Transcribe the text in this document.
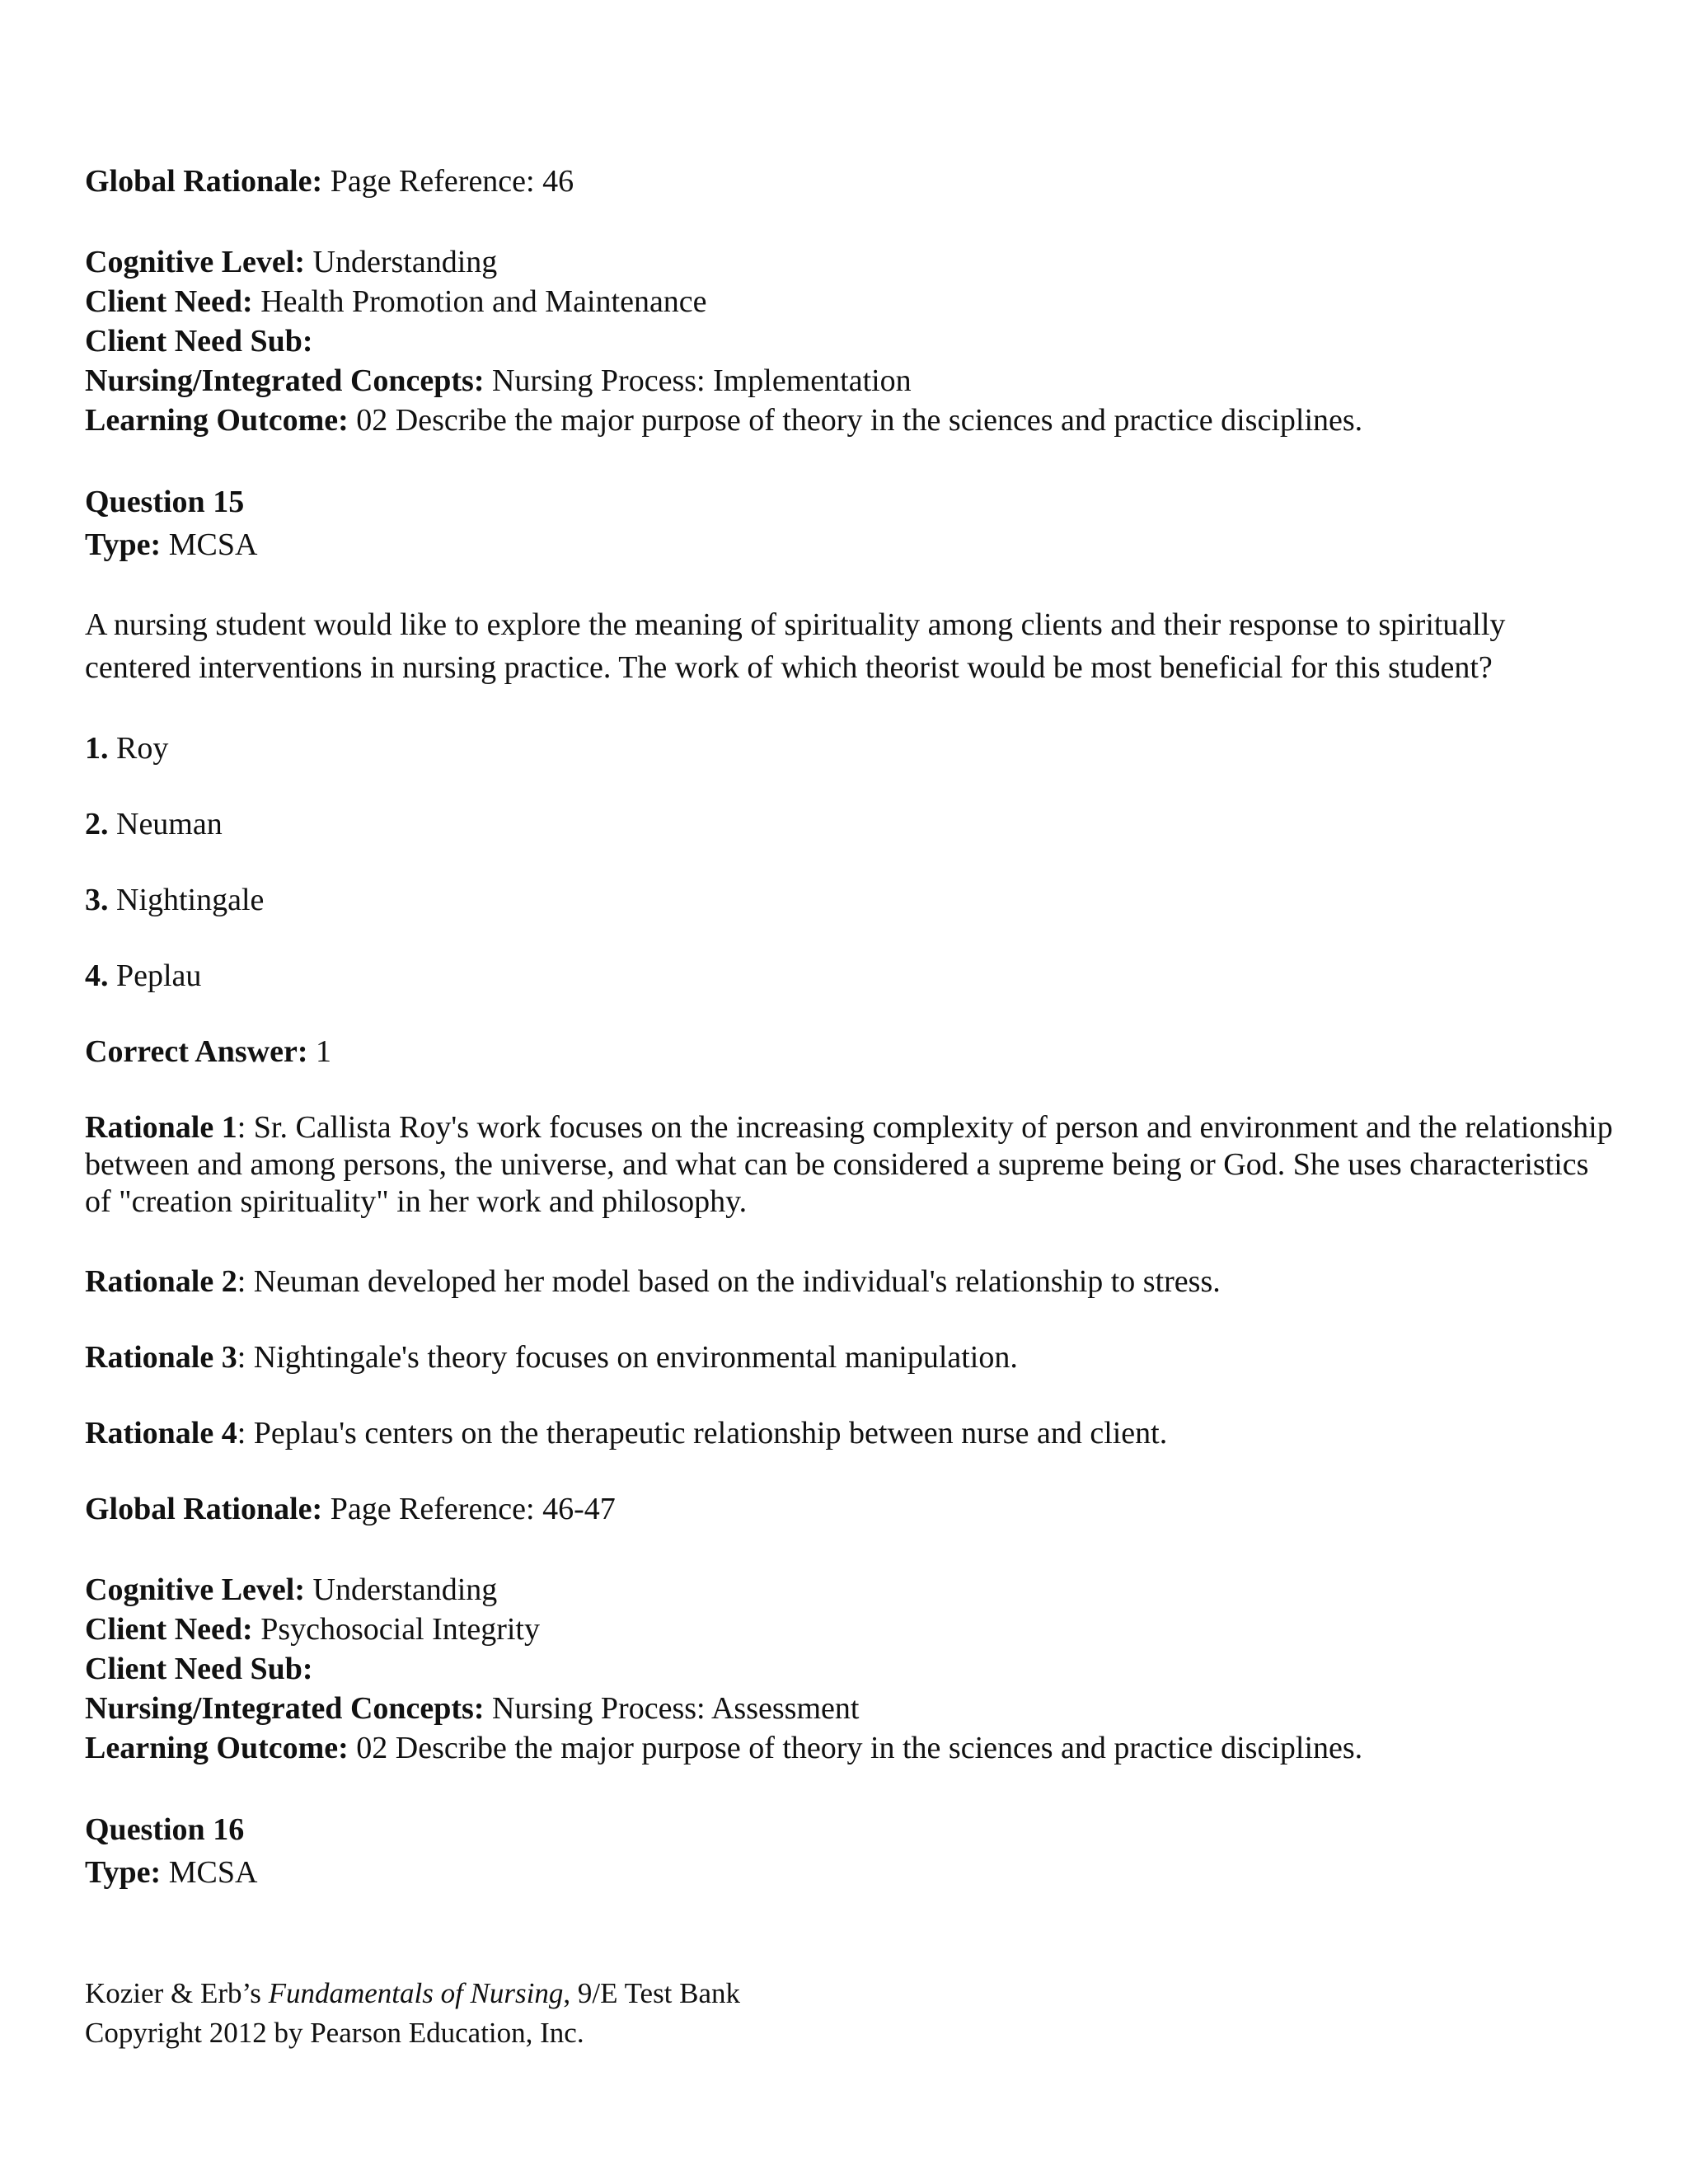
Global Rationale: Page Reference: 46
Cognitive Level: Understanding
Client Need: Health Promotion and Maintenance
Client Need Sub:
Nursing/Integrated Concepts: Nursing Process: Implementation
Learning Outcome: 02 Describe the major purpose of theory in the sciences and practice disciplines.
Question 15
Type: MCSA
A nursing student would like to explore the meaning of spirituality among clients and their response to spiritually centered interventions in nursing practice. The work of which theorist would be most beneficial for this student?
1. Roy
2. Neuman
3. Nightingale
4. Peplau
Correct Answer: 1
Rationale 1: Sr. Callista Roy's work focuses on the increasing complexity of person and environment and the relationship between and among persons, the universe, and what can be considered a supreme being or God. She uses characteristics of "creation spirituality" in her work and philosophy.
Rationale 2: Neuman developed her model based on the individual's relationship to stress.
Rationale 3: Nightingale's theory focuses on environmental manipulation.
Rationale 4: Peplau's centers on the therapeutic relationship between nurse and client.
Global Rationale: Page Reference: 46-47
Cognitive Level: Understanding
Client Need: Psychosocial Integrity
Client Need Sub:
Nursing/Integrated Concepts: Nursing Process: Assessment
Learning Outcome: 02 Describe the major purpose of theory in the sciences and practice disciplines.
Question 16
Type: MCSA
Kozier & Erb’s Fundamentals of Nursing, 9/E Test Bank
Copyright 2012 by Pearson Education, Inc.
